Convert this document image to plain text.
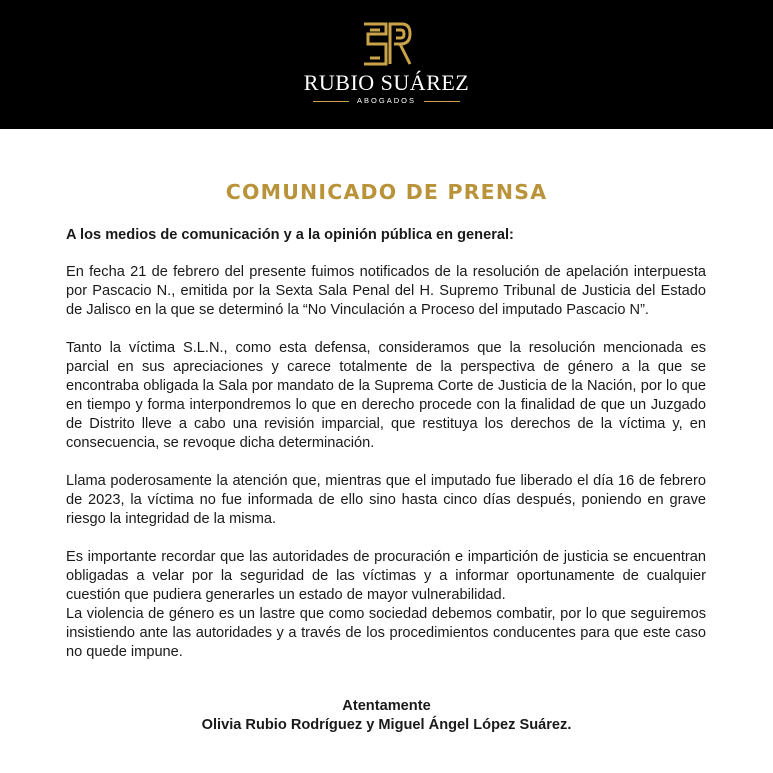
RUBIO SUÁREZ
ABOGADOS
COMUNICADO DE PRENSA

A los medios de comunicación y a la opinión pública en general:

En fecha 21 de febrero del presente fuimos notificados de la resolución de apelación interpuesta por Pascacio N., emitida por la Sexta Sala Penal del H. Supremo Tribunal de Justicia del Estado de Jalisco en la que se determinó la “No Vinculación a Proceso del imputado Pascacio N”.

Tanto la víctima S.L.N., como esta defensa, consideramos que la resolución mencionada es parcial en sus apreciaciones y carece totalmente de la perspectiva de género a la que se encontraba obligada la Sala por mandato de la Suprema Corte de Justicia de la Nación, por lo que en tiempo y forma interpondremos lo que en derecho procede con la finalidad de que un Juzgado de Distrito lleve a cabo una revisión imparcial, que restituya los derechos de la víctima y, en consecuencia, se revoque dicha determinación.

Llama poderosamente la atención que, mientras que el imputado fue liberado el día 16 de febrero de 2023, la víctima no fue informada de ello sino hasta cinco días después, poniendo en grave riesgo la integridad de la misma.

Es importante recordar que las autoridades de procuración e impartición de justicia se encuentran obligadas a velar por la seguridad de las víctimas y a informar oportunamente de cualquier cuestión que pudiera generarles un estado de mayor vulnerabilidad.

La violencia de género es un lastre que como sociedad debemos combatir, por lo que seguiremos insistiendo ante las autoridades y a través de los procedimientos conducentes para que este caso no quede impune.

Atentamente
Olivia Rubio Rodríguez y Miguel Ángel López Suárez.
